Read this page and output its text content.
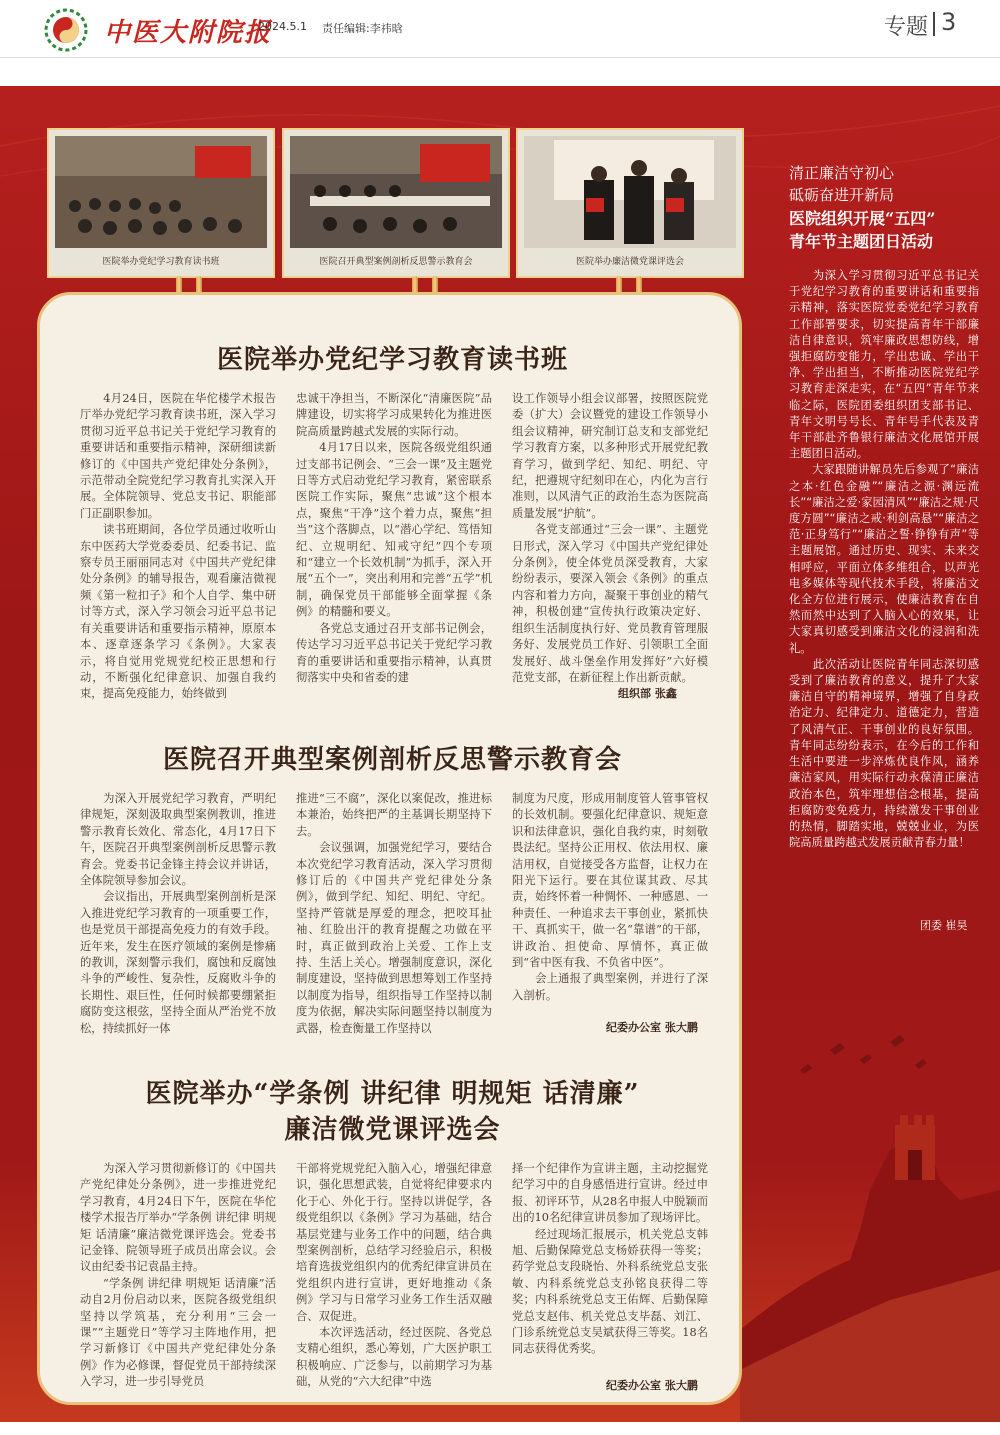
中医大附院报
2024.5.1 责任编辑:李祎晗	专题 3
医院举办党纪学习教育读书班	医院召开典型案例剖析反思警示教育会	医院举办廉洁微党课评选会
医院举办党纪学习教育读书班
　　4月24日，医院在华佗楼学术报告厅举办党纪学习教育读书班，深入学习贯彻习近平总书记关于党纪学习教育的重要讲话和重要指示精神，深研细读新修订的《中国共产党纪律处分条例》，示范带动全院党纪学习教育扎实深入开展。全体院领导、党总支书记、职能部门正副职参加。
　　读书班期间，各位学员通过收听山东中医药大学党委委员、纪委书记、监察专员王丽丽同志对《中国共产党纪律处分条例》的辅导报告，观看廉洁微视频《第一粒扣子》和个人自学、集中研讨等方式，深入学习领会习近平总书记有关重要讲话和重要指示精神，原原本本、逐章逐条学习《条例》。大家表示，将自觉用党规党纪校正思想和行动，不断强化纪律意识、加强自我约束，提高免疫能力，始终做到
忠诚干净担当，不断深化“清廉医院”品牌建设，切实将学习成果转化为推进医院高质量跨越式发展的实际行动。
　　4月17日以来，医院各级党组织通过支部书记例会、“三会一课”及主题党日等方式启动党纪学习教育，紧密联系医院工作实际，聚焦“忠诚”这个根本点，聚焦“干净”这个着力点，聚焦“担当”这个落脚点，以“潜心学纪、笃悟知纪、立规明纪、知戒守纪”四个专项和“建立一个长效机制”为抓手，深入开展“五个一”，突出利用和完善“五学”机制，确保党员干部能够全面掌握《条例》的精髓和要义。
　　各党总支通过召开支部书记例会，传达学习习近平总书记关于党纪学习教育的重要讲话和重要指示精神，认真贯彻落实中央和省委的建
设工作领导小组会议部署，按照医院党委（扩大）会议暨党的建设工作领导小组会议精神，研究制订总支和支部党纪学习教育方案，以多种形式开展党纪教育学习，做到学纪、知纪、明纪、守纪，把遵规守纪刻印在心，内化为言行准则，以风清气正的政治生态为医院高质量发展“护航”。
　　各党支部通过“三会一课”、主题党日形式，深入学习《中国共产党纪律处分条例》，使全体党员深受教育，大家纷纷表示，要深入领会《条例》的重点内容和着力方向，凝聚干事创业的精气神，积极创建“宣传执行政策决定好、组织生活制度执行好、党员教育管理服务好、发展党员工作好、引领职工全面发展好、战斗堡垒作用发挥好”六好模范党支部，在新征程上作出新贡献。
组织部 张鑫
医院召开典型案例剖析反思警示教育会
　　为深入开展党纪学习教育，严明纪律规矩，深刻汲取典型案例教训，推进警示教育长效化、常态化，4月17日下午，医院召开典型案例剖析反思警示教育会。党委书记金锋主持会议并讲话，全体院领导参加会议。
　　会议指出，开展典型案例剖析是深入推进党纪学习教育的一项重要工作，也是党员干部提高免疫力的有效手段。近年来，发生在医疗领域的案例是惨痛的教训，深刻警示我们，腐蚀和反腐蚀斗争的严峻性、复杂性，反腐败斗争的长期性、艰巨性，任何时候都要绷紧拒腐防变这根弦，坚持全面从严治党不放松，持续抓好一体
推进“三不腐”，深化以案促改，推进标本兼治，始终把严的主基调长期坚持下去。
　　会议强调，加强党纪学习，要结合本次党纪学习教育活动，深入学习贯彻修订后的《中国共产党纪律处分条例》，做到学纪、知纪、明纪、守纪。坚持严管就是厚爱的理念，把咬耳扯袖、红脸出汗的教育提醒之功做在平时，真正做到政治上关爱、工作上支持、生活上关心。增强制度意识，深化制度建设，坚持做到思想筹划工作坚持以制度为指导，组织指导工作坚持以制度为依据，解决实际问题坚持以制度为武器，检查衡量工作坚持以
制度为尺度，形成用制度管人管事管权的长效机制。要强化纪律意识、规矩意识和法律意识，强化自我约束，时刻敬畏法纪。坚持公正用权、依法用权、廉洁用权，自觉接受各方监督，让权力在阳光下运行。要在其位谋其政、尽其责，始终怀着一种惆怀、一种感恩、一种责任、一种追求去干事创业，紧抓快干、真抓实干，做一名“靠谱”的干部，讲政治、担使命、厚情怀，真正做到“省中医有我、不负省中医”。
　　会上通报了典型案例，并进行了深入剖析。
纪委办公室 张大鹏
医院举办“学条例 讲纪律 明规矩 话清廉”
廉洁微党课评选会
　　为深入学习贯彻新修订的《中国共产党纪律处分条例》，进一步推进党纪学习教育，4月24日下午，医院在华佗楼学术报告厅举办“学条例 讲纪律 明规矩 话清廉”廉洁微党课评选会。党委书记金锋、院领导班子成员出席会议。会议由纪委书记袁晶主持。
　　“学条例 讲纪律 明规矩 话清廉”活动自2月份启动以来，医院各级党组织坚持以学筑基，充分利用“三会一课”“主题党日”等学习主阵地作用，把学习新修订《中国共产党纪律处分条例》作为必修课，督促党员干部持续深入学习，进一步引导党员
干部将党规党纪入脑入心，增强纪律意识，强化思想武装，自觉将纪律要求内化于心、外化于行。坚持以讲促学，各级党组织以《条例》学习为基础，结合基层党建与业务工作中的问题，结合典型案例剖析，总结学习经验启示，积极培育选拔党组织内的优秀纪律宣讲员在党组织内进行宣讲，更好地推动《条例》学习与日常学习业务工作生活双融合、双促进。
　　本次评选活动，经过医院、各党总支精心组织，悉心筹划，广大医护职工积极响应、广泛参与，以前期学习为基础，从党的“六大纪律”中选
择一个纪律作为宣讲主题，主动挖掘党纪学习中的自身感悟进行宣讲。经过申报、初评环节，从28名申报人中脱颖而出的10名纪律宣讲员参加了现场评比。
　　经过现场汇报展示，机关党总支韩旭、后勤保障党总支杨娇获得一等奖；药学党总支段晓怡、外科系统党总支张敏、内科系统党总支孙铭良获得二等奖；内科系统党总支王佑辉、后勤保障党总支赵伟、机关党总支毕磊、刘江、门诊系统党总支吴斌获得三等奖。18名同志获得优秀奖。
纪委办公室 张大鹏
清正廉洁守初心
砥砺奋进开新局
医院组织开展“五四”
青年节主题团日活动
　　为深入学习贯彻习近平总书记关于党纪学习教育的重要讲话和重要指示精神，落实医院党委党纪学习教育工作部署要求，切实提高青年干部廉洁自律意识，筑牢廉政思想防线，增强拒腐防变能力，学出忠诚、学出干净、学出担当，不断推动医院党纪学习教育走深走实，在“五四”青年节来临之际，医院团委组织团支部书记、青年文明号号长、青年号手代表及青年干部赴齐鲁银行廉洁文化展馆开展主题团日活动。
　　大家跟随讲解员先后参观了“廉洁之本·红色金融”“廉洁之源·渊远流长”“廉洁之爱·家园清风”“廉洁之规·尺度方圆”“廉洁之戒·利剑高悬”“廉洁之范·正身笃行”“廉洁之誓·铮铮有声”等主题展馆。通过历史、现实、未来交相呼应，平面立体多维组合，以声光电多媒体等现代技术手段，将廉洁文化全方位进行展示，使廉洁教育在自然而然中达到了入脑入心的效果，让大家真切感受到廉洁文化的浸润和洗礼。
　　此次活动让医院青年同志深切感受到了廉洁教育的意义，提升了大家廉洁自守的精神境界，增强了自身政治定力、纪律定力、道德定力，营造了风清气正、干事创业的良好氛围。青年同志纷纷表示，在今后的工作和生活中要进一步淬炼优良作风，涵养廉洁家风，用实际行动永葆清正廉洁政治本色，筑牢理想信念根基，提高拒腐防变免疫力，持续激发干事创业的热情，脚踏实地，兢兢业业，为医院高质量跨越式发展贡献青春力量！
团委 崔昊
